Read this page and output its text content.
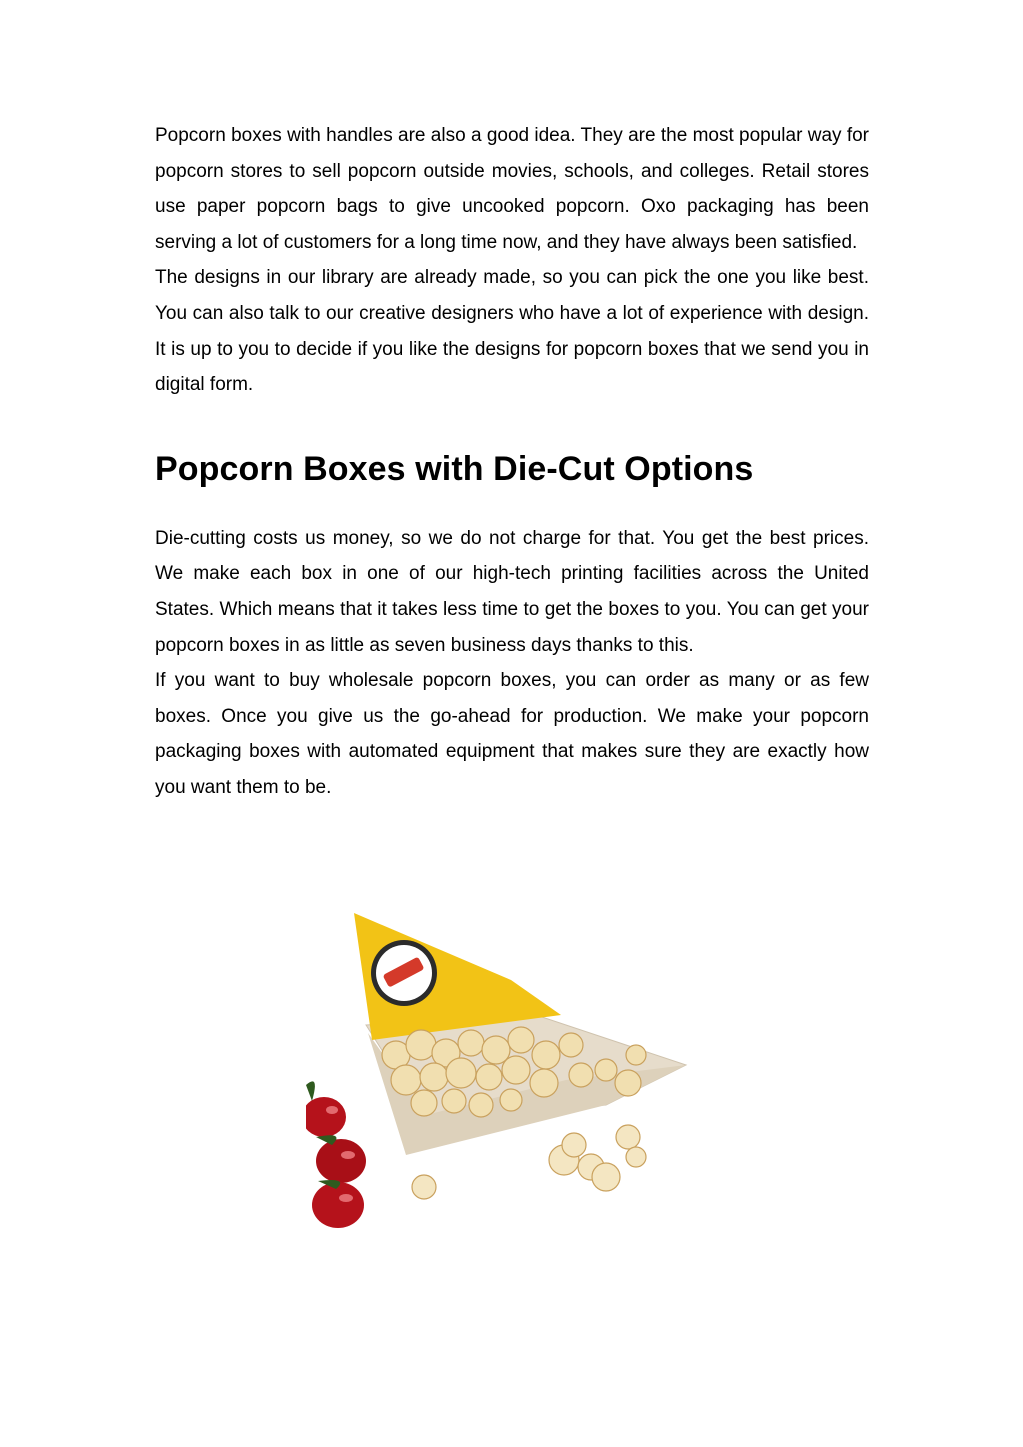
Popcorn boxes with handles are also a good idea. They are the most popular way for popcorn stores to sell popcorn outside movies, schools, and colleges. Retail stores use paper popcorn bags to give uncooked popcorn. Oxo packaging has been serving a lot of customers for a long time now, and they have always been satisfied.

The designs in our library are already made, so you can pick the one you like best. You can also talk to our creative designers who have a lot of experience with design. It is up to you to decide if you like the designs for popcorn boxes that we send you in digital form.

Popcorn Boxes with Die-Cut Options

Die-cutting costs us money, so we do not charge for that. You get the best prices. We make each box in one of our high-tech printing facilities across the United States. Which means that it takes less time to get the boxes to you. You can get your popcorn boxes in as little as seven business days thanks to this.

If you want to buy wholesale popcorn boxes, you can order as many or as few boxes. Once you give us the go-ahead for production. We make your popcorn packaging boxes with automated equipment that makes sure they are exactly how you want them to be.
